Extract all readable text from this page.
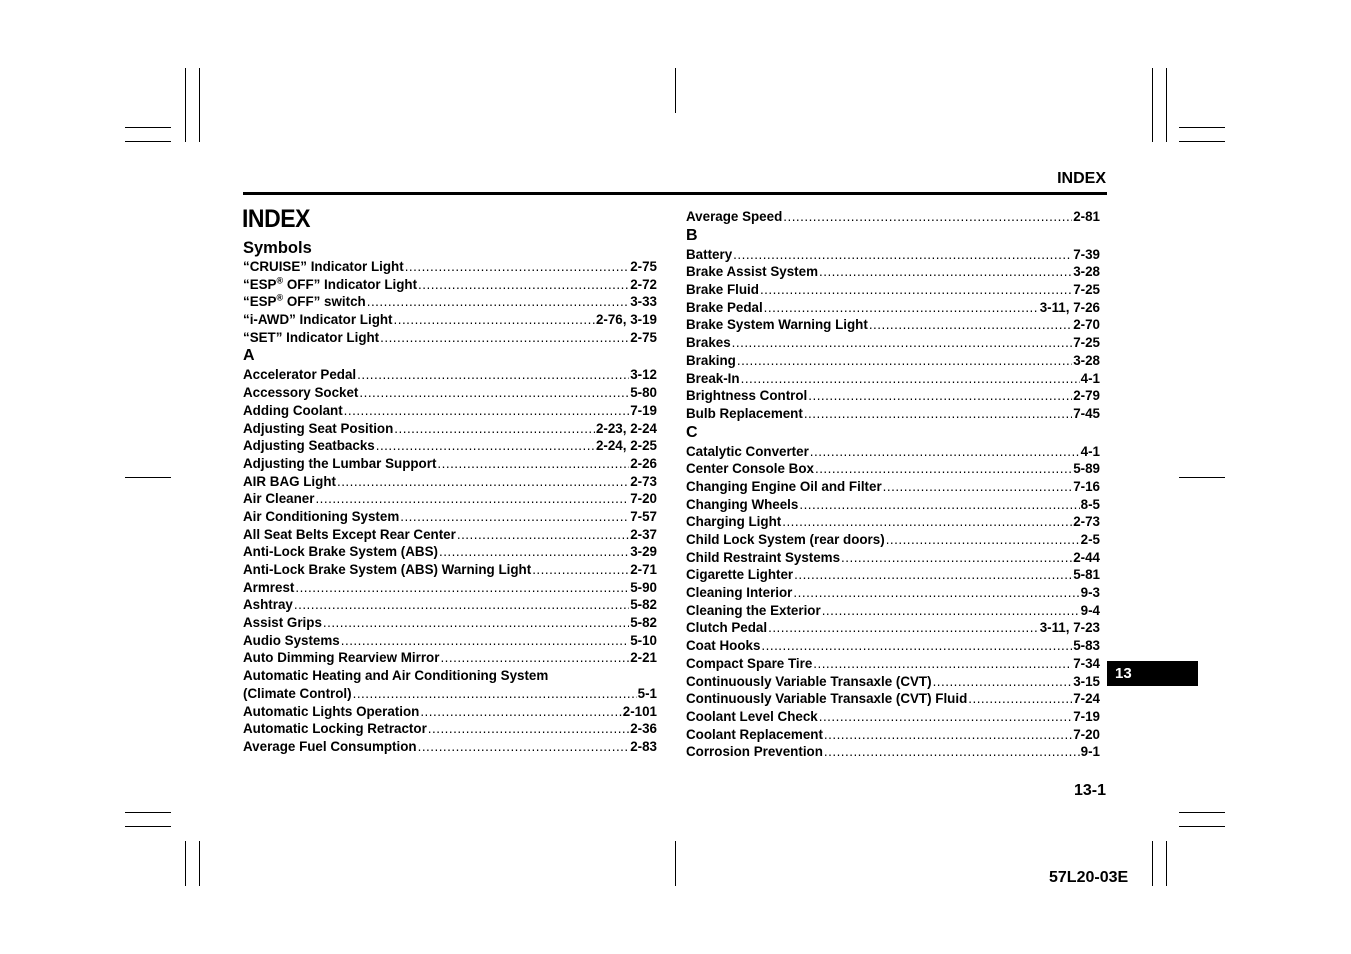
INDEX
INDEX
Symbols
“CRUISE” Indicator Light .....	2-75
“ESP® OFF” Indicator Light .....	2-72
“ESP® OFF” switch .....	3-33
“i-AWD” Indicator Light .....	2-76, 3-19
“SET” Indicator Light .....	2-75
A
Accelerator Pedal .....	3-12
Accessory Socket .....	5-80
Adding Coolant .....	7-19
Adjusting Seat Position .....	2-23, 2-24
Adjusting Seatbacks .....	2-24, 2-25
Adjusting the Lumbar Support .....	2-26
AIR BAG Light .....	2-73
Air Cleaner .....	7-20
Air Conditioning System .....	7-57
All Seat Belts Except Rear Center .....	2-37
Anti-Lock Brake System (ABS) .....	3-29
Anti-Lock Brake System (ABS) Warning Light .....	2-71
Armrest .....	5-90
Ashtray .....	5-82
Assist Grips .....	5-82
Audio Systems .....	5-10
Auto Dimming Rearview Mirror .....	2-21
Automatic Heating and Air Conditioning System
(Climate Control) .....	5-1
Automatic Lights Operation .....	2-101
Automatic Locking Retractor .....	2-36
Average Fuel Consumption .....	2-83
Average Speed .....	2-81
B
Battery .....	7-39
Brake Assist System .....	3-28
Brake Fluid .....	7-25
Brake Pedal .....	3-11, 7-26
Brake System Warning Light .....	2-70
Brakes .....	7-25
Braking .....	3-28
Break-In .....	4-1
Brightness Control .....	2-79
Bulb Replacement .....	7-45
C
Catalytic Converter .....	4-1
Center Console Box .....	5-89
Changing Engine Oil and Filter .....	7-16
Changing Wheels .....	8-5
Charging Light .....	2-73
Child Lock System (rear doors) .....	2-5
Child Restraint Systems .....	2-44
Cigarette Lighter .....	5-81
Cleaning Interior .....	9-3
Cleaning the Exterior .....	9-4
Clutch Pedal .....	3-11, 7-23
Coat Hooks .....	5-83
Compact Spare Tire .....	7-34
Continuously Variable Transaxle (CVT) .....	3-15
Continuously Variable Transaxle (CVT) Fluid .....	7-24
Coolant Level Check .....	7-19
Coolant Replacement .....	7-20
Corrosion Prevention .....	9-1
13
13-1
57L20-03E
